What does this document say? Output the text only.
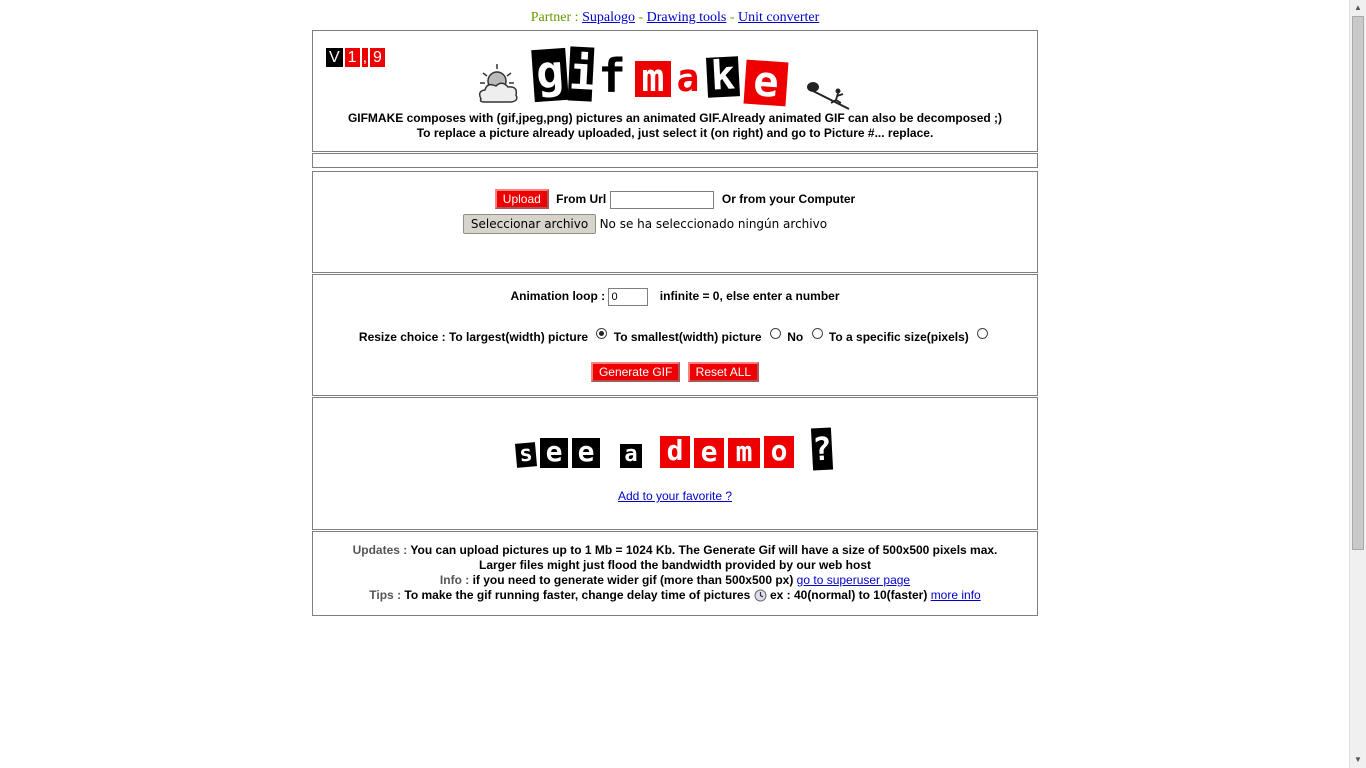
Partner : Supalogo - Drawing tools - Unit converter
V 1 , 9	g i f m a k e
GIFMAKE composes with (gif,jpeg,png) pictures an animated GIF.Already animated GIF can also be decomposed ;)
To replace a picture already uploaded, just select it (on right) and go to Picture #... replace.
Upload From Url	Or from your Computer
Seleccionar archivo No se ha seleccionado ningún archivo
Animation loop : 0	infinite = 0, else enter a number
Resize choice : To largest(width) picture To smallest(width) picture No To a specific size(pixels)
Generate GIF Reset ALL
s e e a d e m o ?
Add to your favorite ?
Updates : You can upload pictures up to 1 Mb = 1024 Kb. The Generate Gif will have a size of 500x500 pixels max.
Larger files might just flood the bandwidth provided by our web host
Info : if you need to generate wider gif (more than 500x500 px) go to superuser page
Tips : To make the gif running faster, change delay time of pictures ex : 40(normal) to 10(faster) more info
▲
▼
